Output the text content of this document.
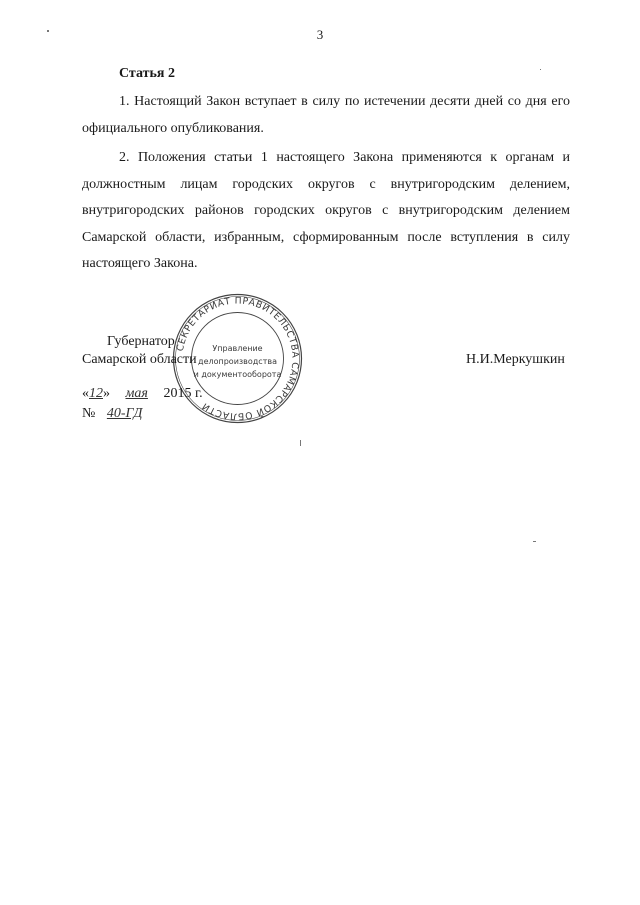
3
Статья 2

1. Настоящий Закон вступает в силу по истечении десяти дней со дня его официального опубликования.

2. Положения статьи 1 настоящего Закона применяются к органам и должностным лицам городских округов с внутригородским делением, внутригородских районов городских округов с внутригородским делением Самарской области, избранным, сформированным после вступления в силу настоящего Закона.

СЕКРЕТАРИАТ ПРАВИТЕЛЬСТВА САМАРСКОЙ ОБЛАСТИ
Управление
делопроизводства
и документооборота
Губернатор
Самарской области	Н.И.Меркушкин
«12» мая 2015 г.
№ 40-ГД
